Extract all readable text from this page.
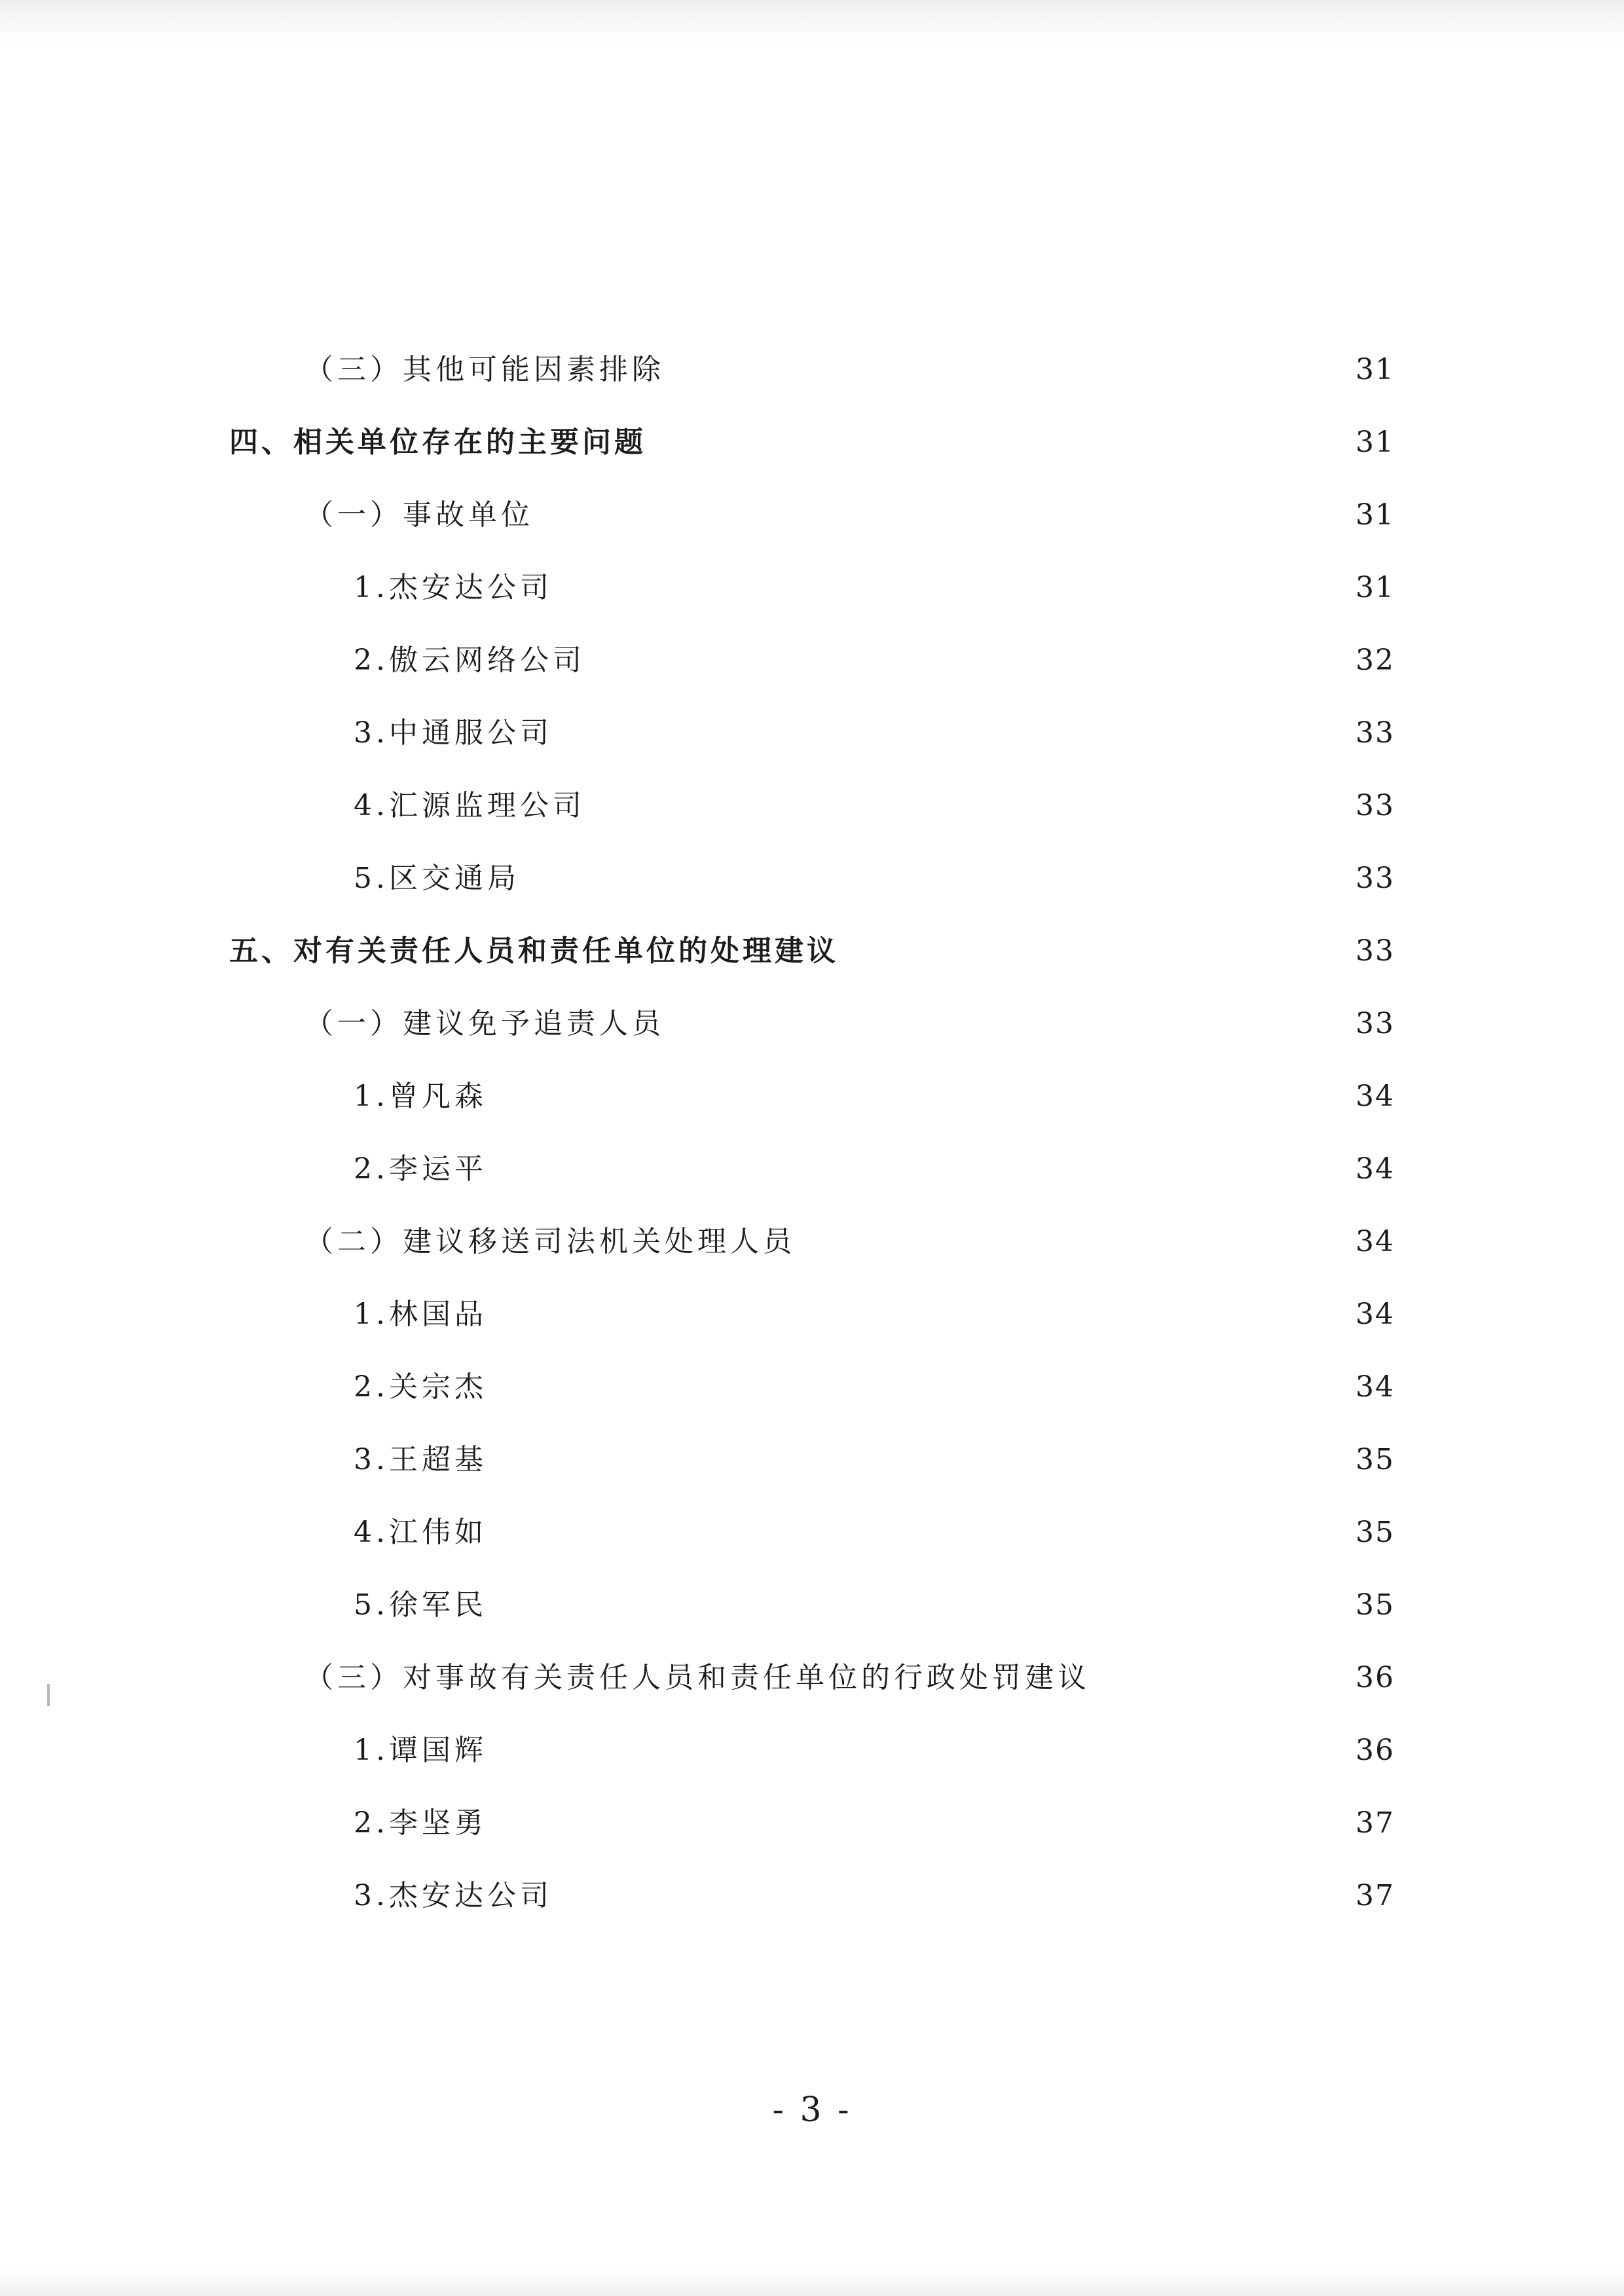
（三）其他可能因素排除	31
四、相关单位存在的主要问题	31
（一）事故单位	31
1.杰安达公司	31
2.傲云网络公司	32
3.中通服公司	33
4.汇源监理公司	33
5.区交通局	33
五、对有关责任人员和责任单位的处理建议	33
（一）建议免予追责人员	33
1.曾凡森	34
2.李运平	34
（二）建议移送司法机关处理人员	34
1.林国品	34
2.关宗杰	34
3.王超基	35
4.江伟如	35
5.徐军民	35
（三）对事故有关责任人员和责任单位的行政处罚建议	36
1.谭国辉	36
2.李坚勇	37
3.杰安达公司	37
- 3 -
